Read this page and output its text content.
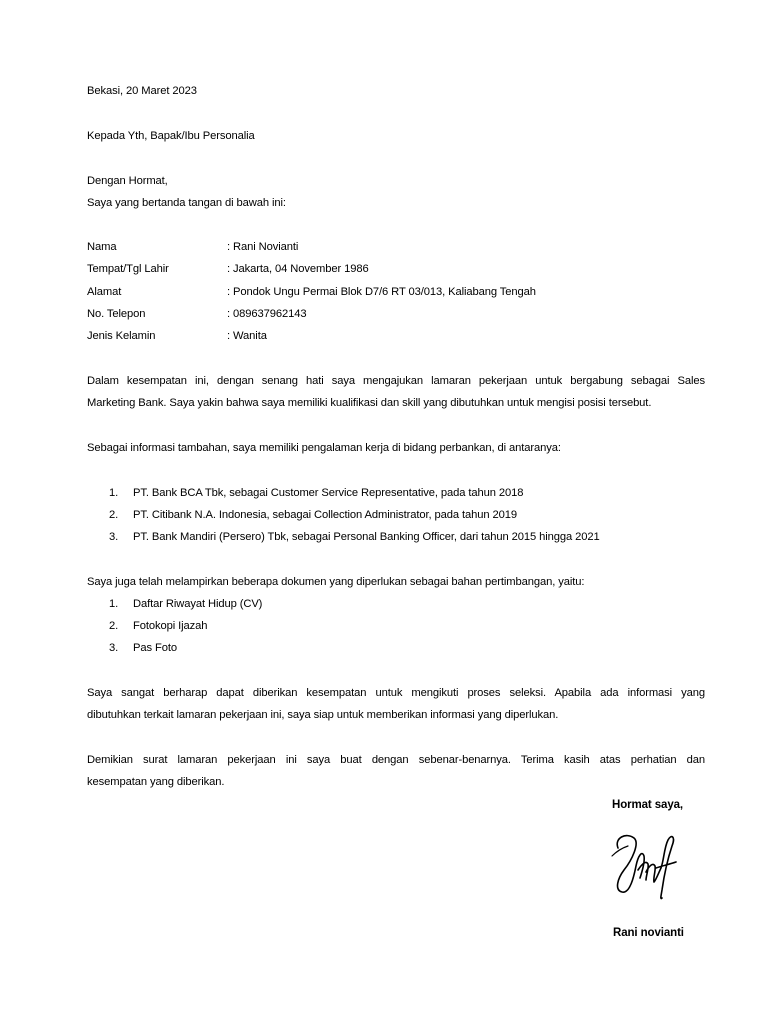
Bekasi, 20 Maret 2023
Kepada Yth, Bapak/Ibu Personalia
Dengan Hormat,
Saya yang bertanda tangan di bawah ini:
Nama	: Rani Novianti
Tempat/Tgl Lahir	: Jakarta, 04 November 1986
Alamat	: Pondok Ungu Permai Blok D7/6 RT 03/013, Kaliabang Tengah
No. Telepon	: 089637962143
Jenis Kelamin	: Wanita
Dalam kesempatan ini, dengan senang hati saya mengajukan lamaran pekerjaan untuk bergabung sebagai Sales
Marketing Bank. Saya yakin bahwa saya memiliki kualifikasi dan skill yang dibutuhkan untuk mengisi posisi tersebut.
Sebagai informasi tambahan, saya memiliki pengalaman kerja di bidang perbankan, di antaranya:
1. PT. Bank BCA Tbk, sebagai Customer Service Representative, pada tahun 2018
2. PT. Citibank N.A. Indonesia, sebagai Collection Administrator, pada tahun 2019
3. PT. Bank Mandiri (Persero) Tbk, sebagai Personal Banking Officer, dari tahun 2015 hingga 2021
Saya juga telah melampirkan beberapa dokumen yang diperlukan sebagai bahan pertimbangan, yaitu:
1. Daftar Riwayat Hidup (CV)
2. Fotokopi Ijazah
3. Pas Foto
Saya sangat berharap dapat diberikan kesempatan untuk mengikuti proses seleksi. Apabila ada informasi yang
dibutuhkan terkait lamaran pekerjaan ini, saya siap untuk memberikan informasi yang diperlukan.
Demikian surat lamaran pekerjaan ini saya buat dengan sebenar-benarnya. Terima kasih atas perhatian dan
kesempatan yang diberikan.
Hormat saya,
Rani novianti
